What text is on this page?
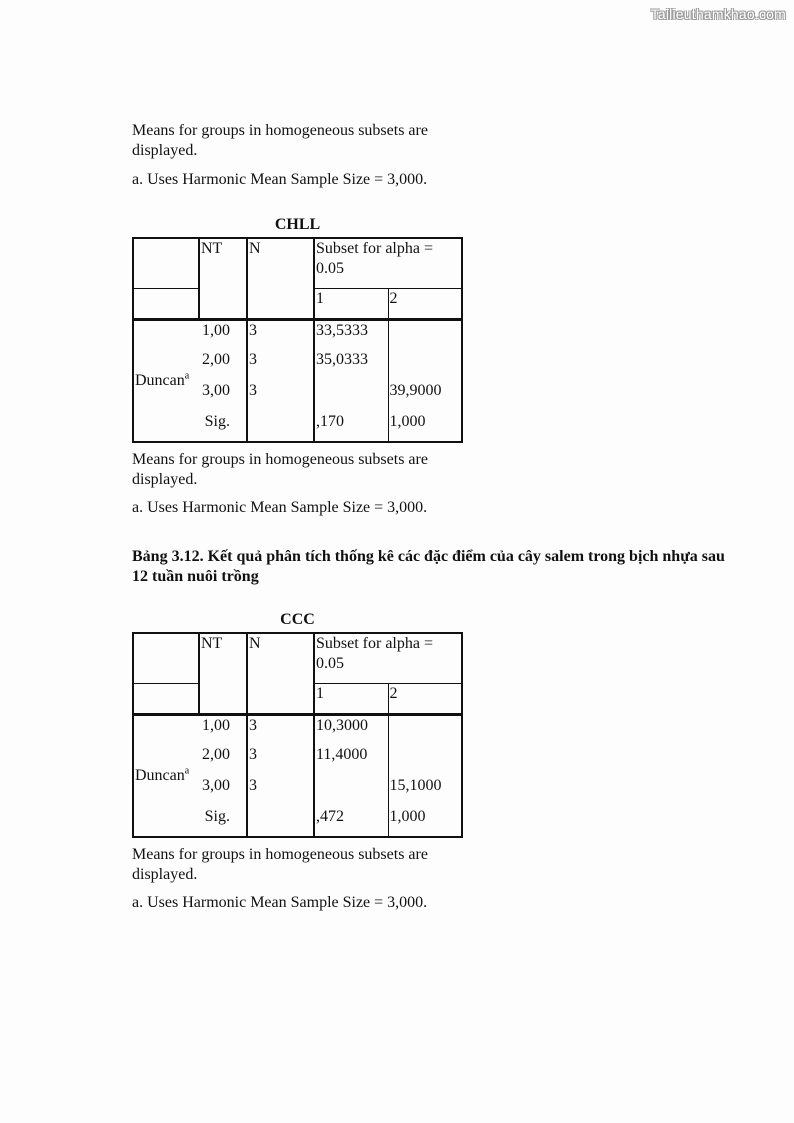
Tailieuthamkhao.com
Means for groups in homogeneous subsets are displayed.
a. Uses Harmonic Mean Sample Size = 3,000.
CHLL
	NT	N	Subset for alpha = 0.05	
			1	2
Duncan$^a$	1,00	3	33,5333	
	2,00	3	35,0333	
	3,00	3		39,9000
	Sig.		,170	1,000
Means for groups in homogeneous subsets are displayed.
a. Uses Harmonic Mean Sample Size = 3,000.
Bảng 3.12. Kết quả phân tích thống kê các đặc điểm của cây salem trong bịch nhựa sau 12 tuần nuôi trồng
CCC
	NT	N	Subset for alpha = 0.05	
			1	2
Duncan$^a$	1,00	3	10,3000	
	2,00	3	11,4000	
	3,00	3		15,1000
	Sig.		,472	1,000
Means for groups in homogeneous subsets are displayed.
a. Uses Harmonic Mean Sample Size = 3,000.
